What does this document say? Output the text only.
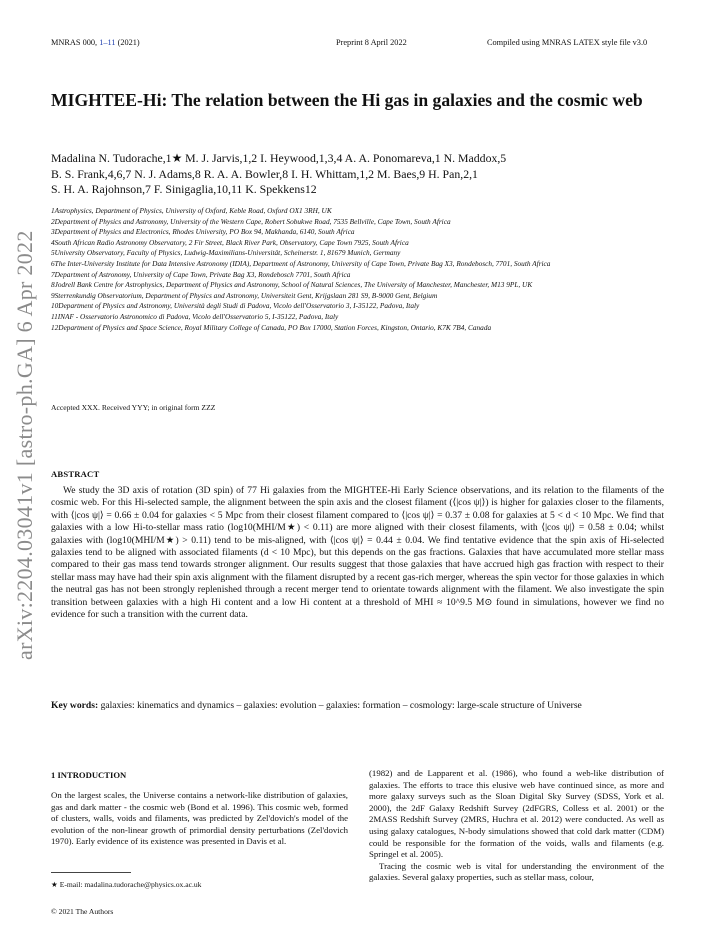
MNRAS 000, 1–11 (2021)	Preprint 8 April 2022	Compiled using MNRAS LATEX style file v3.0
arXiv:2204.03041v1 [astro-ph.GA] 6 Apr 2022
MIGHTEE-Hi: The relation between the Hi gas in galaxies and the cosmic web
Madalina N. Tudorache,1★ M. J. Jarvis,1,2 I. Heywood,1,3,4 A. A. Ponomareva,1 N. Maddox,5
B. S. Frank,4,6,7 N. J. Adams,8 R. A. A. Bowler,8 I. H. Whittam,1,2 M. Baes,9 H. Pan,2,1
S. H. A. Rajohnson,7 F. Sinigaglia,10,11 K. Spekkens12
1Astrophysics, Department of Physics, University of Oxford, Keble Road, Oxford OX1 3RH, UK
2Department of Physics and Astronomy, University of the Western Cape, Robert Sobukwe Road, 7535 Bellville, Cape Town, South Africa
3Department of Physics and Electronics, Rhodes University, PO Box 94, Makhanda, 6140, South Africa
4South African Radio Astronomy Observatory, 2 Fir Street, Black River Park, Observatory, Cape Town 7925, South Africa
5University Observatory, Faculty of Physics, Ludwig-Maximilians-Universität, Scheinerstr. 1, 81679 Munich, Germany
6The Inter-University Institute for Data Intensive Astronomy (IDIA), Department of Astronomy, University of Cape Town, Private Bag X3, Rondebosch, 7701, South Africa
7Department of Astronomy, University of Cape Town, Private Bag X3, Rondebosch 7701, South Africa
8Jodrell Bank Centre for Astrophysics, Department of Physics and Astronomy, School of Natural Sciences, The University of Manchester, Manchester, M13 9PL, UK
9Sterrenkundig Observatorium, Department of Physics and Astronomy, Universiteit Gent, Krijgslaan 281 S9, B-9000 Gent, Belgium
10Department of Physics and Astronomy, Università degli Studi di Padova, Vicolo dell'Osservatorio 3, I-35122, Padova, Italy
11INAF - Osservatorio Astronomico di Padova, Vicolo dell'Osservatorio 5, I-35122, Padova, Italy
12Department of Physics and Space Science, Royal Military College of Canada, PO Box 17000, Station Forces, Kingston, Ontario, K7K 7B4, Canada
Accepted XXX. Received YYY; in original form ZZZ
ABSTRACT
We study the 3D axis of rotation (3D spin) of 77 Hi galaxies from the MIGHTEE-Hi Early Science observations, and its relation to the filaments of the cosmic web. For this Hi-selected sample, the alignment between the spin axis and the closest filament (⟨|cos ψ|⟩) is higher for galaxies closer to the filaments, with ⟨|cos ψ|⟩ = 0.66 ± 0.04 for galaxies < 5 Mpc from their closest filament compared to ⟨|cos ψ|⟩ = 0.37 ± 0.08 for galaxies at 5 < d < 10 Mpc. We find that galaxies with a low Hi-to-stellar mass ratio (log10(MHI/M★) < 0.11) are more aligned with their closest filaments, with ⟨|cos ψ|⟩ = 0.58 ± 0.04; whilst galaxies with (log10(MHI/M★) > 0.11) tend to be mis-aligned, with ⟨|cos ψ|⟩ = 0.44 ± 0.04. We find tentative evidence that the spin axis of Hi-selected galaxies tend to be aligned with associated filaments (d < 10 Mpc), but this depends on the gas fractions. Galaxies that have accumulated more stellar mass compared to their gas mass tend towards stronger alignment. Our results suggest that those galaxies that have accrued high gas fraction with respect to their stellar mass may have had their spin axis alignment with the filament disrupted by a recent gas-rich merger, whereas the spin vector for those galaxies in which the neutral gas has not been strongly replenished through a recent merger tend to orientate towards alignment with the filament. We also investigate the spin transition between galaxies with a high Hi content and a low Hi content at a threshold of MHI ≈ 10^9.5 M⊙ found in simulations, however we find no evidence for such a transition with the current data.
Key words: galaxies: kinematics and dynamics – galaxies: evolution – galaxies: formation – cosmology: large-scale structure of Universe
1 INTRODUCTION
On the largest scales, the Universe contains a network-like distribution of galaxies, gas and dark matter - the cosmic web (Bond et al. 1996). This cosmic web, formed of clusters, walls, voids and filaments, was predicted by Zel'dovich's model of the evolution of the non-linear growth of primordial density perturbations (Zel'dovich 1970). Early evidence of its existence was presented in Davis et al.

(1982) and de Lapparent et al. (1986), who found a web-like distribution of galaxies. The efforts to trace this elusive web have continued since, as more and more galaxy surveys such as the Sloan Digital Sky Survey (SDSS, York et al. 2000), the 2dF Galaxy Redshift Survey (2dFGRS, Colless et al. 2001) or the 2MASS Redshift Survey (2MRS, Huchra et al. 2012) were conducted. As well as using galaxy catalogues, N-body simulations showed that cold dark matter (CDM) could be responsible for the formation of the voids, walls and filaments (e.g. Springel et al. 2005).

Tracing the cosmic web is vital for understanding the environment of the galaxies. Several galaxy properties, such as stellar mass, colour,

★ E-mail: madalina.tudorache@physics.ox.ac.uk
© 2021 The Authors
